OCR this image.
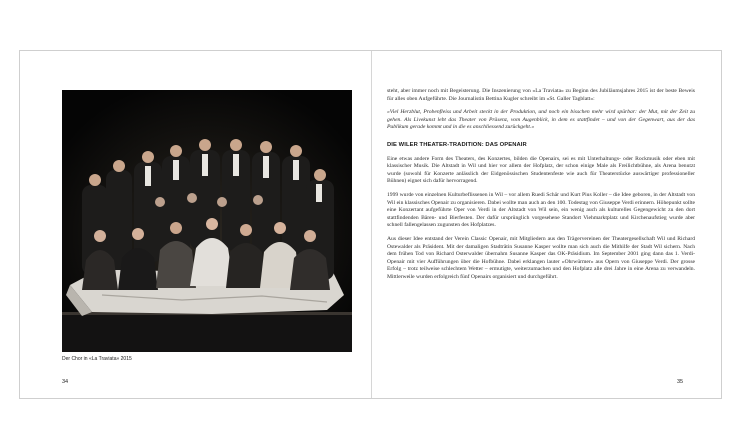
Der Chor in «La Traviata» 2015
34

steht, aber immer noch mit Begeisterung. Die Inszenierung von «La Traviata» zu Beginn des Jubiläumsjahres 2015 ist der beste Beweis für alles oben Aufgeführte. Die Journalistin Bettina Kugler schreibt im «St. Galler Tagblatt»:

«Viel Herzblut, Probenfleiss und Arbeit steckt in der Produktion, und noch ein bisschen mehr wird spürbar: der Mut, mit der Zeit zu gehen. Als Livekunst lebt das Theater von Präsenz, vom Augenblick, in dem es stattfindet – und von der Gegenwart, aus der das Publikum gerade kommt und in die es anschliessend zurückgeht.»

DIE WILER THEATER-TRADITION: DAS OPENAIR

Eine etwas andere Form des Theaters, des Konzertes, bilden die Openairs, sei es mit Unterhaltungs- oder Rockmusik oder eben mit klassischer Musik. Die Altstadt in Wil und hier vor allem der Hofplatz, der schon einige Male als Freilichtbühne, als Arena benutzt wurde (sowohl für Konzerte anlässlich der Eidgenössischen Studentenfeste wie auch für Theaterstücke auswärtiger professioneller Bühnen) eignet sich dafür hervorragend.

1999 wurde von einzelnen Kulturbeflissenen in Wil – vor allem Ruedi Schär und Kurt Pius Koller – die Idee geboren, in der Altstadt von Wil ein klassisches Openair zu organisieren. Dabei wollte man auch an den 100. Todestag von Giuseppe Verdi erinnern. Höhepunkt sollte eine Konzertant aufgeführte Oper von Verdi in der Altstadt von Wil sein, ein wenig auch als kulturelles Gegengewicht zu den dort stattfindenden Bären- und Bierfesten. Der dafür ursprünglich vorgesehene Standort Viehmarktplatz und Kirchenaufstieg wurde aber schnell fallengelassen zugunsten des Hofplatzes.

Aus dieser Idee entstand der Verein Classic Openair, mit Mitgliedern aus den Trägervereinen der Theatergesellschaft Wil und Richard Ostewalder als Präsident. Mit der damaligen Stadträtin Susanne Kasper wollte man sich auch die Mithilfe der Stadt Wil sichern. Nach dem frühen Tod von Richard Osterwalder übernahm Susanne Kasper das OK-Präsidium. Im September 2001 ging dann das 1. Verdi-Openair mit vier Aufführungen über die Hofbühne. Dabei erklangen lauter «Ohrwürmer» aus Opern von Giuseppe Verdi. Der grosse Erfolg – trotz teilweise schlechtem Wetter – ermutigte, weiterzumachen und den Hofplatz alle drei Jahre in eine Arena zu verwandeln. Mittlerweile wurden erfolgreich fünf Openairs organisiert und durchgeführt.

35
